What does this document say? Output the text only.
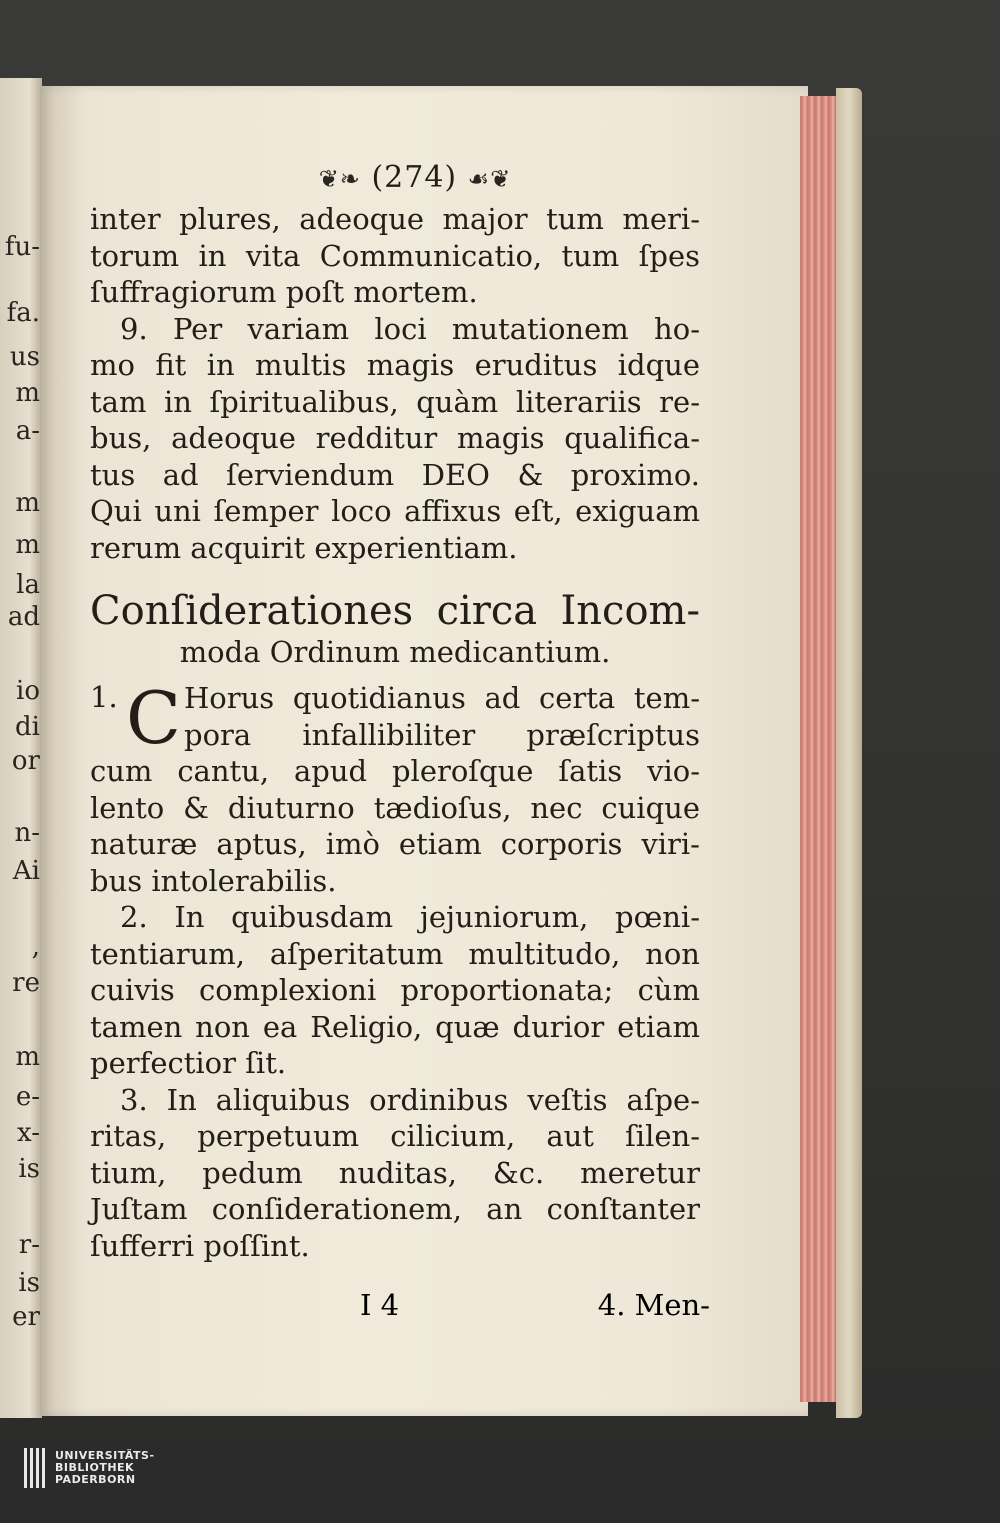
fu-
fa.
us
m
a-
m
m
la
ad
io
di
or
n-
Ai
,
re
m
e-
x-
is
r-
is
er
❦❧ (274) ☙❦
inter plures, adeoque major tum meri-
torum in vita Communicatio, tum ſpes
ſuffragiorum poſt mortem.
9. Per variam loci mutationem ho-
mo fit in multis magis eruditus idque
tam in ſpiritualibus, quàm literariis re-
bus, adeoque redditur magis qualifica-
tus ad ſerviendum DEO & proximo.
Qui uni ſemper loco affixus eſt, exiguam
rerum acquirit experientiam.
Conſiderationes circa Incom-
moda Ordinum medicantium.
1. C Horus quotidianus ad certa tem-
pora infallibiliter præſcriptus
cum cantu, apud pleroſque ſatis vio-
lento & diuturno tædioſus, nec cuique
naturæ aptus, imò etiam corporis viri-
bus intolerabilis.
2. In quibusdam jejuniorum, pœni-
tentiarum, aſperitatum multitudo, non
cuivis complexioni proportionata; cùm
tamen non ea Religio, quæ durior etiam
perfectior ſit.
3. In aliquibus ordinibus veſtis aſpe-
ritas, perpetuum cilicium, aut ſilen-
tium, pedum nuditas, &c. meretur
Juſtam conſiderationem, an conſtanter
ſufferri poſſint.
I 4	4. Men-
UNIVERSITÄTS-
BIBLIOTHEK
PADERBORN
